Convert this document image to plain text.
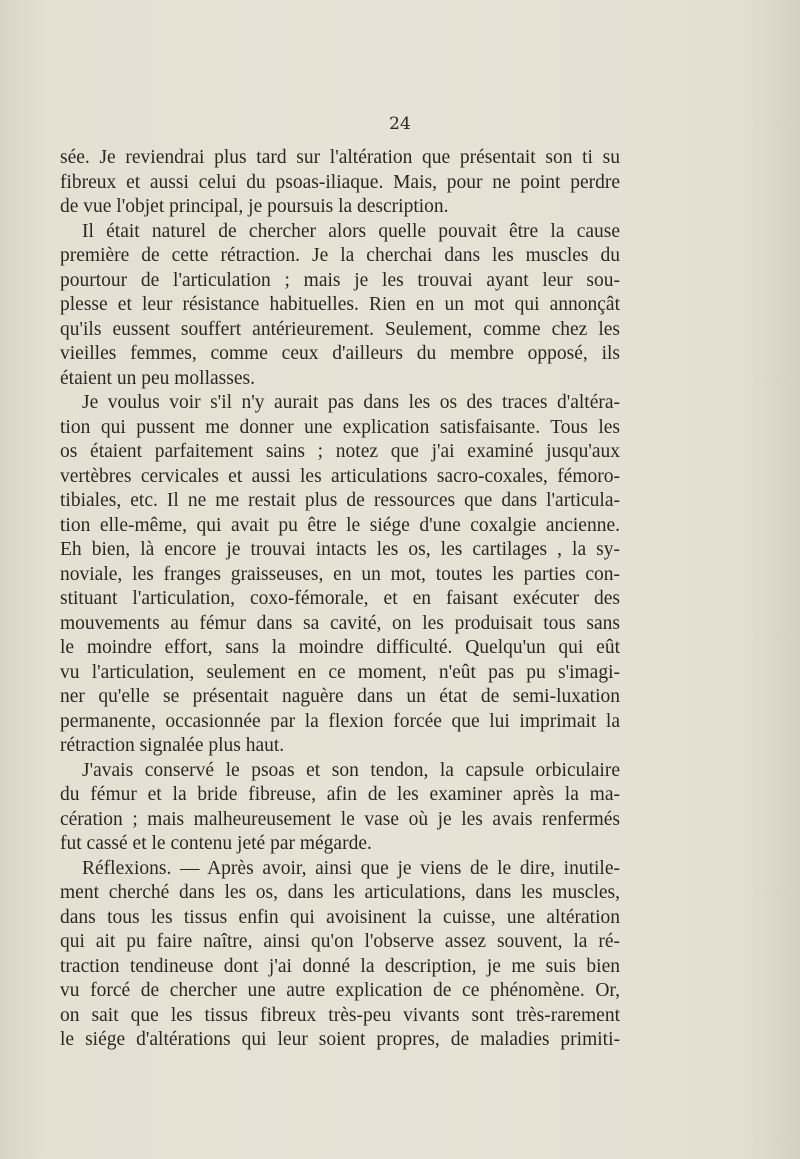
24
sée. Je reviendrai plus tard sur l'altération que présentait son ti su
fibreux et aussi celui du psoas-iliaque. Mais, pour ne point perdre
de vue l'objet principal, je poursuis la description.
Il était naturel de chercher alors quelle pouvait être la cause
première de cette rétraction. Je la cherchai dans les muscles du
pourtour de l'articulation ; mais je les trouvai ayant leur sou-
plesse et leur résistance habituelles. Rien en un mot qui annonçât
qu'ils eussent souffert antérieurement. Seulement, comme chez les
vieilles femmes, comme ceux d'ailleurs du membre opposé, ils
étaient un peu mollasses.
Je voulus voir s'il n'y aurait pas dans les os des traces d'altéra-
tion qui pussent me donner une explication satisfaisante. Tous les
os étaient parfaitement sains ; notez que j'ai examiné jusqu'aux
vertèbres cervicales et aussi les articulations sacro-coxales, fémoro-
tibiales, etc. Il ne me restait plus de ressources que dans l'articula-
tion elle-même, qui avait pu être le siége d'une coxalgie ancienne.
Eh bien, là encore je trouvai intacts les os, les cartilages , la sy-
noviale, les franges graisseuses, en un mot, toutes les parties con-
stituant l'articulation, coxo-fémorale, et en faisant exécuter des
mouvements au fémur dans sa cavité, on les produisait tous sans
le moindre effort, sans la moindre difficulté. Quelqu'un qui eût
vu l'articulation, seulement en ce moment, n'eût pas pu s'imagi-
ner qu'elle se présentait naguère dans un état de semi-luxation
permanente, occasionnée par la flexion forcée que lui imprimait la
rétraction signalée plus haut.
J'avais conservé le psoas et son tendon, la capsule orbiculaire
du fémur et la bride fibreuse, afin de les examiner après la ma-
cération ; mais malheureusement le vase où je les avais renfermés
fut cassé et le contenu jeté par mégarde.
Réflexions. — Après avoir, ainsi que je viens de le dire, inutile-
ment cherché dans les os, dans les articulations, dans les muscles,
dans tous les tissus enfin qui avoisinent la cuisse, une altération
qui ait pu faire naître, ainsi qu'on l'observe assez souvent, la ré-
traction tendineuse dont j'ai donné la description, je me suis bien
vu forcé de chercher une autre explication de ce phénomène. Or,
on sait que les tissus fibreux très-peu vivants sont très-rarement
le siége d'altérations qui leur soient propres, de maladies primiti-
